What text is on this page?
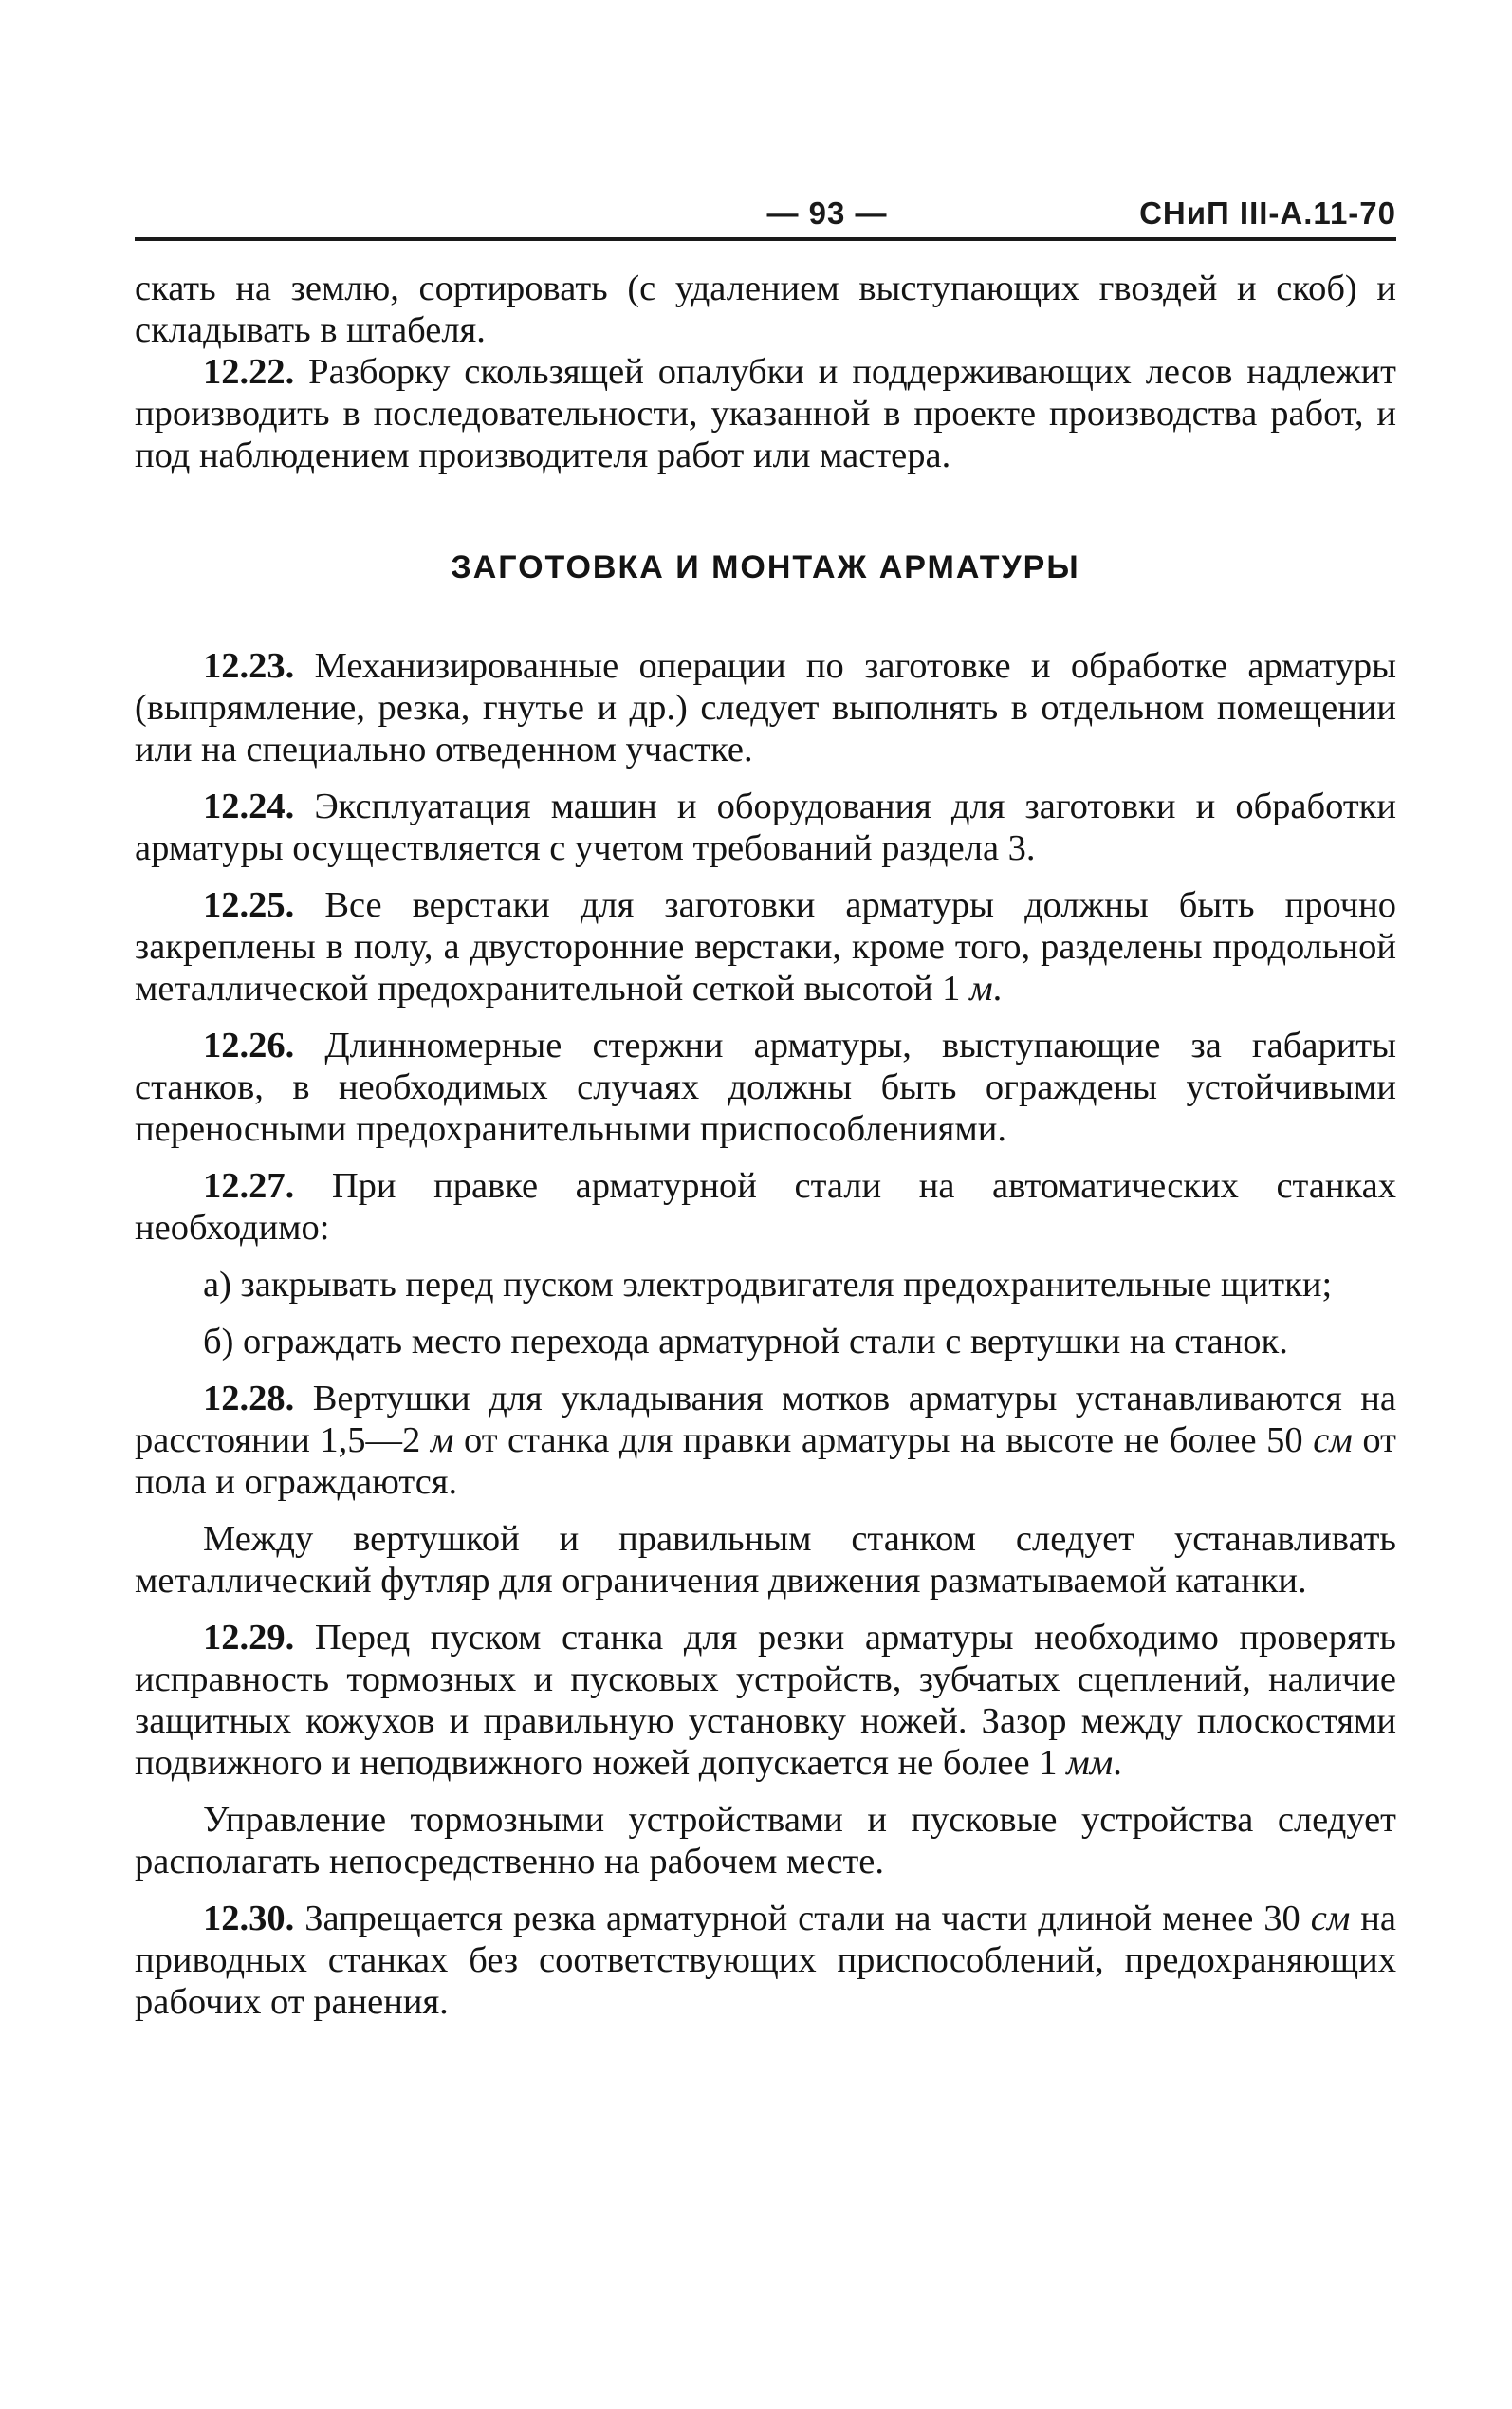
— 93 —	СНиП III-А.11-70

скать на землю, сортировать (с удалением выступающих гвоздей и скоб) и складывать в штабеля.

12.22. Разборку скользящей опалубки и поддерживающих лесов надлежит производить в последовательности, указанной в проекте производства работ, и под наблюдением производителя работ или мастера.

ЗАГОТОВКА И МОНТАЖ АРМАТУРЫ

12.23. Механизированные операции по заготовке и обработке арматуры (выпрямление, резка, гнутье и др.) следует выполнять в отдельном помещении или на специально отведенном участке.

12.24. Эксплуатация машин и оборудования для заготовки и обработки арматуры осуществляется с учетом требований раздела 3.

12.25. Все верстаки для заготовки арматуры должны быть прочно закреплены в полу, а двусторонние верстаки, кроме того, разделены продольной металлической предохранительной сеткой высотой 1 м.

12.26. Длинномерные стержни арматуры, выступающие за габариты станков, в необходимых случаях должны быть ограждены устойчивыми переносными предохранительными приспособлениями.

12.27. При правке арматурной стали на автоматических станках необходимо:

а) закрывать перед пуском электродвигателя предохранительные щитки;

б) ограждать место перехода арматурной стали с вертушки на станок.

12.28. Вертушки для укладывания мотков арматуры устанавливаются на расстоянии 1,5—2 м от станка для правки арматуры на высоте не более 50 см от пола и ограждаются.

Между вертушкой и правильным станком следует устанавливать металлический футляр для ограничения движения разматываемой катанки.

12.29. Перед пуском станка для резки арматуры необходимо проверять исправность тормозных и пусковых устройств, зубчатых сцеплений, наличие защитных кожухов и правильную установку ножей. Зазор между плоскостями подвижного и неподвижного ножей допускается не более 1 мм.

Управление тормозными устройствами и пусковые устройства следует располагать непосредственно на рабочем месте.

12.30. Запрещается резка арматурной стали на части длиной менее 30 см на приводных станках без соответствующих приспособлений, предохраняющих рабочих от ранения.
